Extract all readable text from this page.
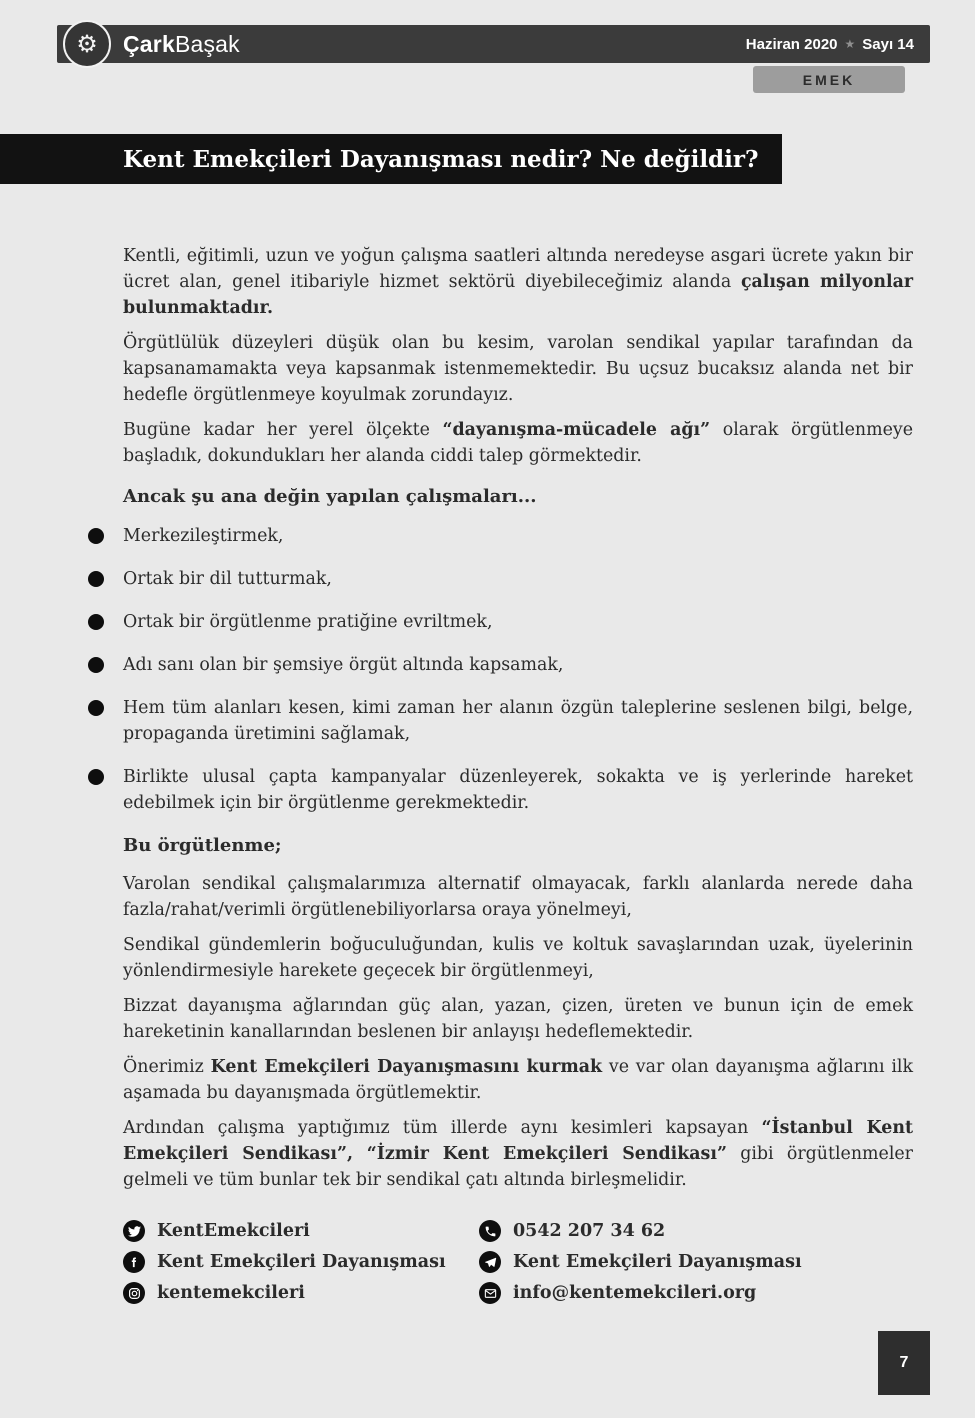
⚙ ÇarkBaşak	Haziran 2020 ★ Sayı 14
EMEK
Kent Emekçileri Dayanışması nedir? Ne değildir?

Kentli, eğitimli, uzun ve yoğun çalışma saatleri altında neredeyse asgari ücrete yakın bir ücret alan, genel itibariyle hizmet sektörü diyebileceğimiz alanda çalışan milyonlar bulunmaktadır.

Örgütlülük düzeyleri düşük olan bu kesim, varolan sendikal yapılar tarafından da kapsanamamakta veya kapsanmak istenmemektedir. Bu uçsuz bucaksız alanda net bir hedefle örgütlenmeye koyulmak zorundayız.

Bugüne kadar her yerel ölçekte “dayanışma-mücadele ağı” olarak örgütlenmeye başladık, dokundukları her alanda ciddi talep görmektedir.

Ancak şu ana değin yapılan çalışmaları...
Merkezileştirmek,
Ortak bir dil tutturmak,
Ortak bir örgütlenme pratiğine evriltmek,
Adı sanı olan bir şemsiye örgüt altında kapsamak,
Hem tüm alanları kesen, kimi zaman her alanın özgün taleplerine seslenen bilgi, belge, propaganda üretimini sağlamak,
Birlikte ulusal çapta kampanyalar düzenleyerek, sokakta ve iş yerlerinde hareket edebilmek için bir örgütlenme gerekmektedir.
Bu örgütlenme;

Varolan sendikal çalışmalarımıza alternatif olmayacak, farklı alanlarda nerede daha fazla/rahat/verimli örgütlenebiliyorlarsa oraya yönelmeyi,

Sendikal gündemlerin boğuculuğundan, kulis ve koltuk savaşlarından uzak, üyelerinin yönlendirmesiyle harekete geçecek bir örgütlenmeyi,

Bizzat dayanışma ağlarından güç alan, yazan, çizen, üreten ve bunun için de emek hareketinin kanallarından beslenen bir anlayışı hedeflemektedir.

Önerimiz Kent Emekçileri Dayanışmasını kurmak ve var olan dayanışma ağlarını ilk aşamada bu dayanışmada örgütlemektir.

Ardından çalışma yaptığımız tüm illerde aynı kesimleri kapsayan “İstanbul Kent Emekçileri Sendikası”, “İzmir Kent Emekçileri Sendikası” gibi örgütlenmeler gelmeli ve tüm bunlar tek bir sendikal çatı altında birleşmelidir.

KentEmekcileri
Kent Emekçileri Dayanışması
kentemekcileri
0542 207 34 62
Kent Emekçileri Dayanışması
info@kentemekcileri.org
7
